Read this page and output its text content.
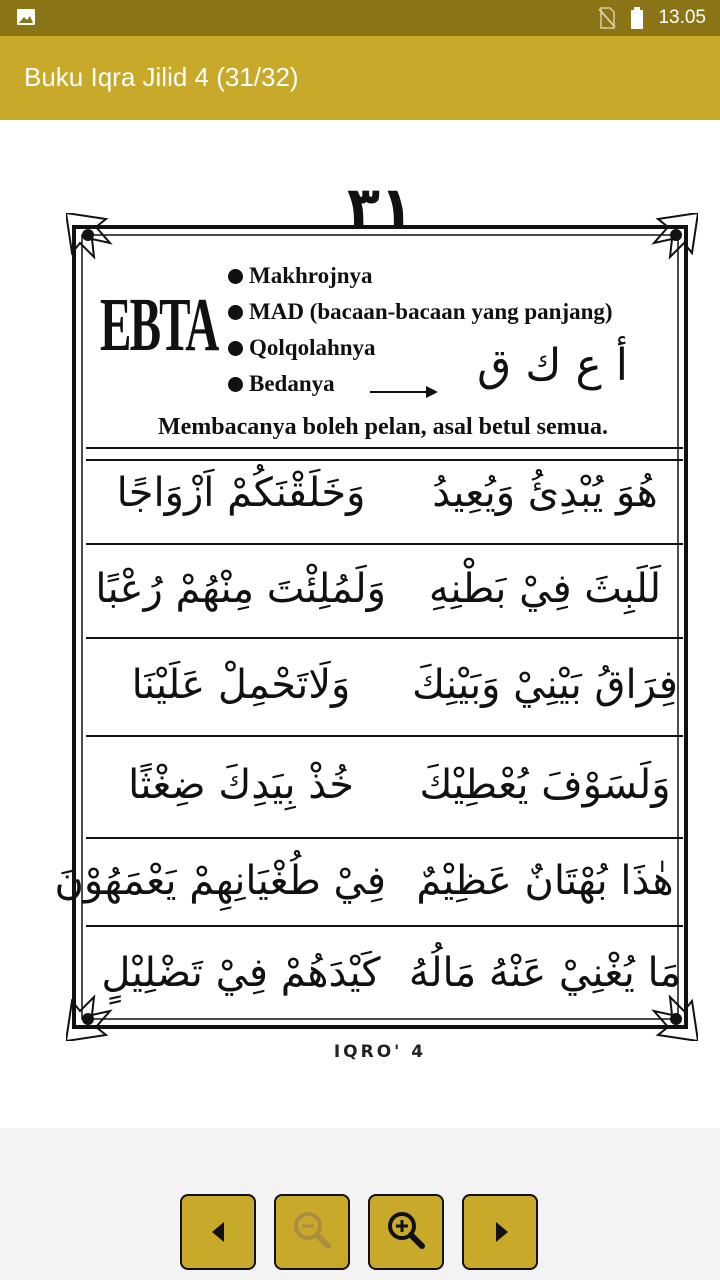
13.05
Buku Iqra Jilid 4 (31/32)
٣١
EBTA
Makhrojnya
MAD (bacaan-bacaan yang panjang)
Qolqolahnya
Bedanya	أ ع ك ق
Membacanya boleh pelan, asal betul semua.
هُوَ يُبْدِئُ وَيُعِيدُ
وَخَلَقْنَكُمْ اَزْوَاجًا
لَلَبِثَ فِيْ بَطْنِهِ
وَلَمُلِئْتَ مِنْهُمْ رُعْبًا
فِرَاقُ بَيْنِيْ وَبَيْنِكَ
وَلَاتَحْمِلْ عَلَيْنَا
وَلَسَوْفَ يُعْطِيْكَ
خُذْ بِيَدِكَ ضِغْثًا
هٰذَا بُهْتَانٌ عَظِيْمٌ
فِيْ طُغْيَانِهِمْ يَعْمَهُوْنَ
مَا يُغْنِيْ عَنْهُ مَالُهُ
كَيْدَهُمْ فِيْ تَضْلِيْلٍ
IQRO' 4
